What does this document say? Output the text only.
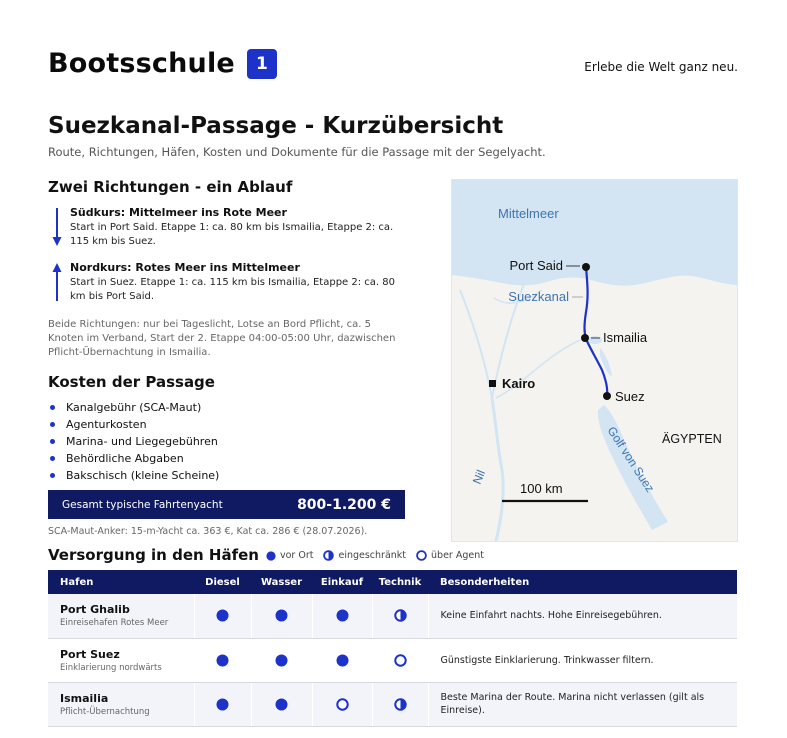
Bootsschule	1	Erlebe die Welt ganz neu.
Suezkanal-Passage - Kurzübersicht
Route, Richtungen, Häfen, Kosten und Dokumente für die Passage mit der Segelyacht.
Zwei Richtungen - ein Ablauf
Südkurs: Mittelmeer ins Rote Meer
Start in Port Said. Etappe 1: ca. 80 km bis Ismailia, Etappe 2: ca. 115 km bis Suez.
Nordkurs: Rotes Meer ins Mittelmeer
Start in Suez. Etappe 1: ca. 115 km bis Ismailia, Etappe 2: ca. 80 km bis Port Said.
Beide Richtungen: nur bei Tageslicht, Lotse an Bord Pflicht, ca. 5 Knoten im Verband, Start der 2. Etappe 04:00-05:00 Uhr, dazwischen Pflicht-Übernachtung in Ismailia.
Kosten der Passage
Kanalgebühr (SCA-Maut)
Agenturkosten
Marina- und Liegegebühren
Behördliche Abgaben
Bakschisch (kleine Scheine)
Gesamt typische Fahrtenyacht	800-1.200 €
SCA-Maut-Anker: 15-m-Yacht ca. 363 €, Kat ca. 286 € (28.07.2026).
Mittelmeer
Port Said
Suezkanal
Ismailia
Kairo
Suez
ÄGYPTEN
Nil	Golf von Suez
100 km
Versorgung in den Häfen vor Ort	eingeschränkt	über Agent
Hafen	Diesel	Wasser	Einkauf	Technik	Besonderheiten

Port Ghalib
Einreisehafen Rotes Meer					Keine Einfahrt nachts. Hohe Einreisegebühren.

Port Suez
Einklarierung nordwärts					Günstigste Einklarierung. Trinkwasser filtern.

Ismailia
Pflicht-Übernachtung					Beste Marina der Route. Marina nicht verlassen (gilt als Einreise).
